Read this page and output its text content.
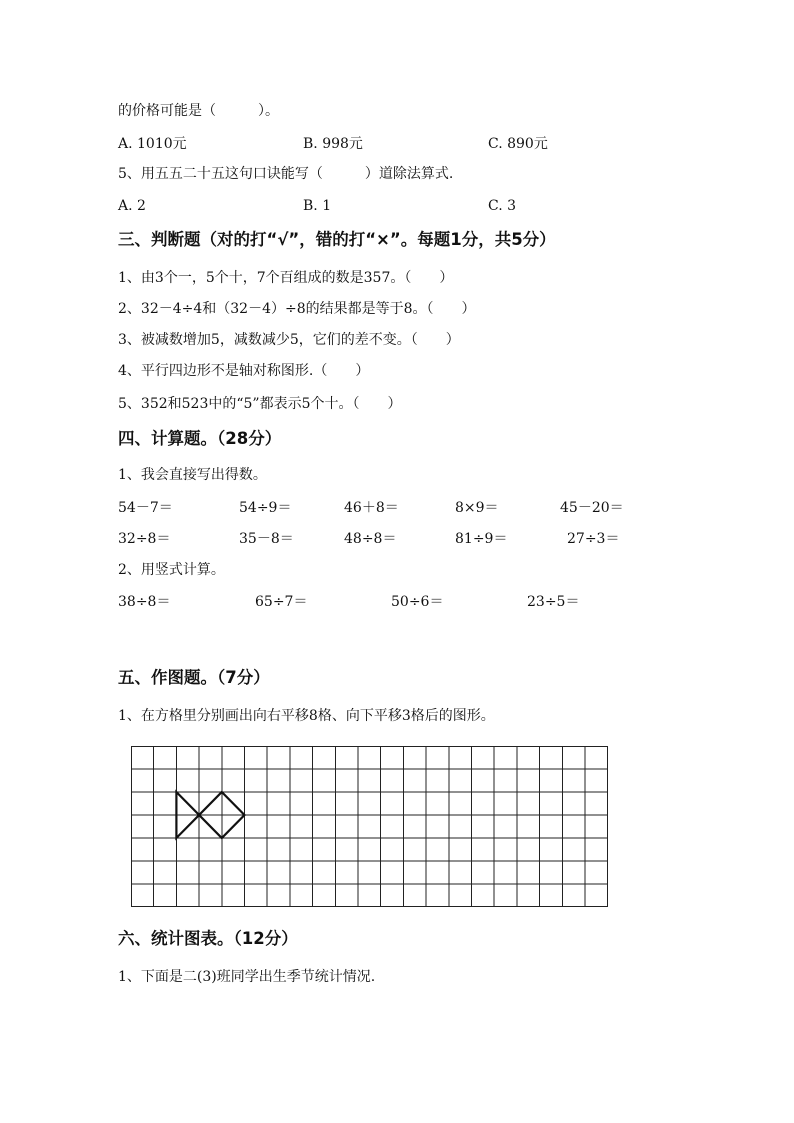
的价格可能是（　　　）。
A. 1010元	B. 998元	C. 890元
5、用五五二十五这句口诀能写（　　　）道除法算式.
A. 2	B. 1	C. 3
三、判断题（对的打“√”，错的打“×”。每题1分，共5分）
1、由3个一，5个十，7个百组成的数是357。（　　）
2、32－4÷4和（32－4）÷8的结果都是等于8。（　　）
3、被减数增加5，减数减少5，它们的差不变。（　　）
4、平行四边形不是轴对称图形.（　　）
5、352和523中的“5”都表示5个十。（　　）
四、计算题。（28分）
1、我会直接写出得数。
54－7＝	54÷9＝	46＋8＝	8×9＝	45－20＝
32÷8＝	35－8＝	48÷8＝	81÷9＝	27÷3＝
2、用竖式计算。
38÷8＝	65÷7＝	50÷6＝	23÷5＝
五、作图题。（7分）
1、在方格里分别画出向右平移8格、向下平移3格后的图形。
六、统计图表。（12分）
1、下面是二(3)班同学出生季节统计情况.
